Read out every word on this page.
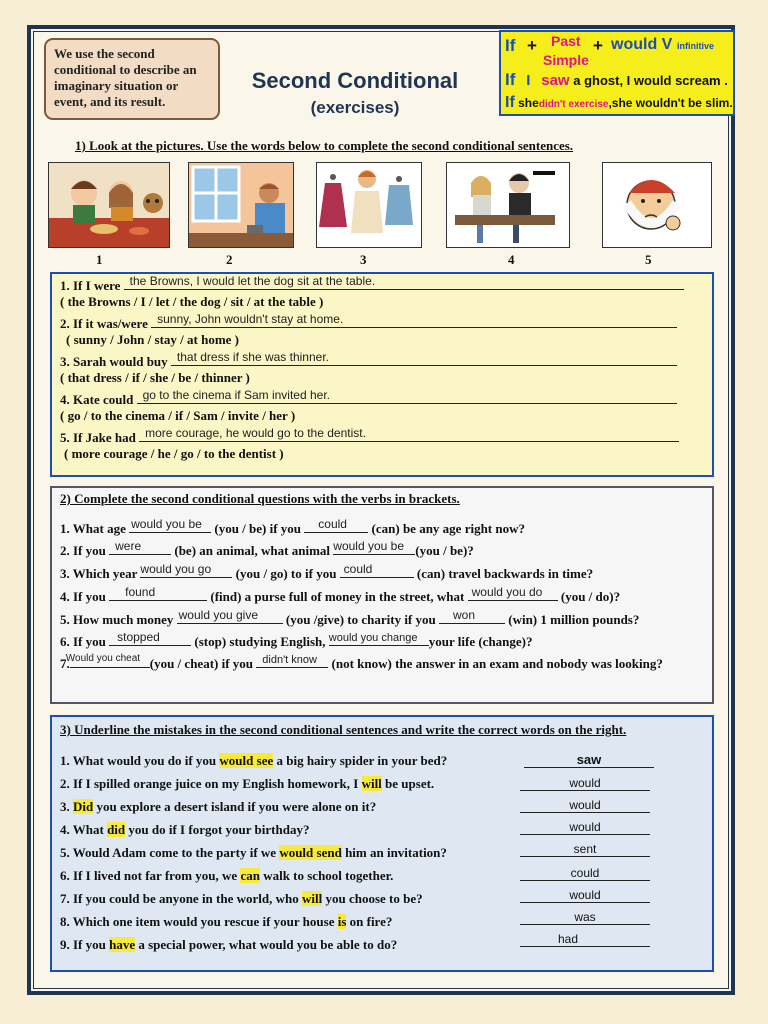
We use the second conditional to describe an imaginary situation or event, and its result.
Second Conditional
(exercises)
If + Past
Simple
+ would V infinitive
If I saw a ghost, I would scream .
If shedidn't exercise,she wouldn't be slim.
1) Look at the pictures. Use the words below to complete the second conditional sentences.
1	2	3	4	5
1. If I were the Browns, I would let the dog sit at the table.
( the Browns / I / let / the dog / sit / at the table )
2. If it was/were sunny, John wouldn't stay at home.
( sunny / John / stay / at home )
3. Sarah would buy that dress if she was thinner.
( that dress / if / she / be / thinner )
4. Kate could go to the cinema if Sam invited her.
( go / to the cinema / if / Sam / invite / her )
5. If Jake had more courage, he would go to the dentist.
( more courage / he / go / to the dentist )
2) Complete the second conditional questions with the verbs in brackets.
1. What age would you be (you / be) if you could (can) be any age right now?
2. If you were	(be) an animal, what animal would you be (you / be)?
3. Which year would you go (you / go) to if you could	(can) travel backwards in time?
4. If you found	(find) a purse full of money in the street, what would you do (you / do)?
5. How much money would you give (you /give) to charity if you won	(win) 1 million pounds?
6. If you stopped	(stop) studying English, would you change your life (change)?
7.
Would you cheat (you / cheat) if you didn't know (not know) the answer in an exam and nobody was looking?
3) Underline the mistakes in the second conditional sentences and write the correct words on the right.
1. What would you do if you would see a big hairy spider in your bed?	saw
2. If I spilled orange juice on my English homework, I will be upset.	would
3. Did you explore a desert island if you were alone on it?	would
4. What did you do if I forgot your birthday?	would
5. Would Adam come to the party if we would send him an invitation?	sent
6. If I lived not far from you, we can walk to school together.	could
7. If you could be anyone in the world, who will you choose to be?	would
8. Which one item would you rescue if your house is on fire?	was
9. If you have a special power, what would you be able to do?	had
